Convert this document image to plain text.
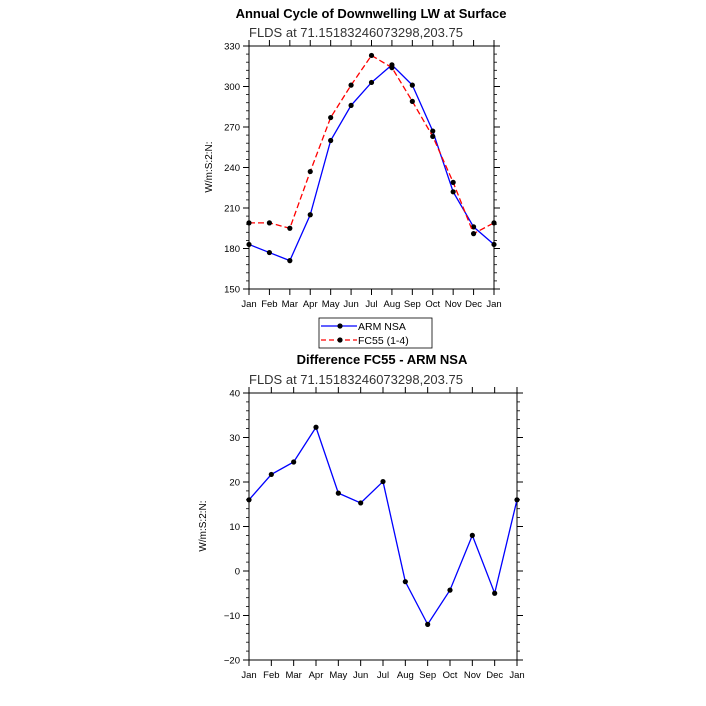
Annual Cycle of Downwelling LW at Surface
FLDS at 71.15183246073298,203.75
W/m:S:2:N:
150
180
210
240
270
300
330
Jan Feb Mar Apr May Jun Jul Aug Sep Oct Nov Dec Jan
ARM NSA
FC55 (1-4)
Difference FC55 - ARM NSA
FLDS at 71.15183246073298,203.75
W/m:S:2:N:
−20
−10
0
10
20
30
40
Jan Feb Mar Apr May Jun Jul Aug Sep Oct Nov Dec Jan
